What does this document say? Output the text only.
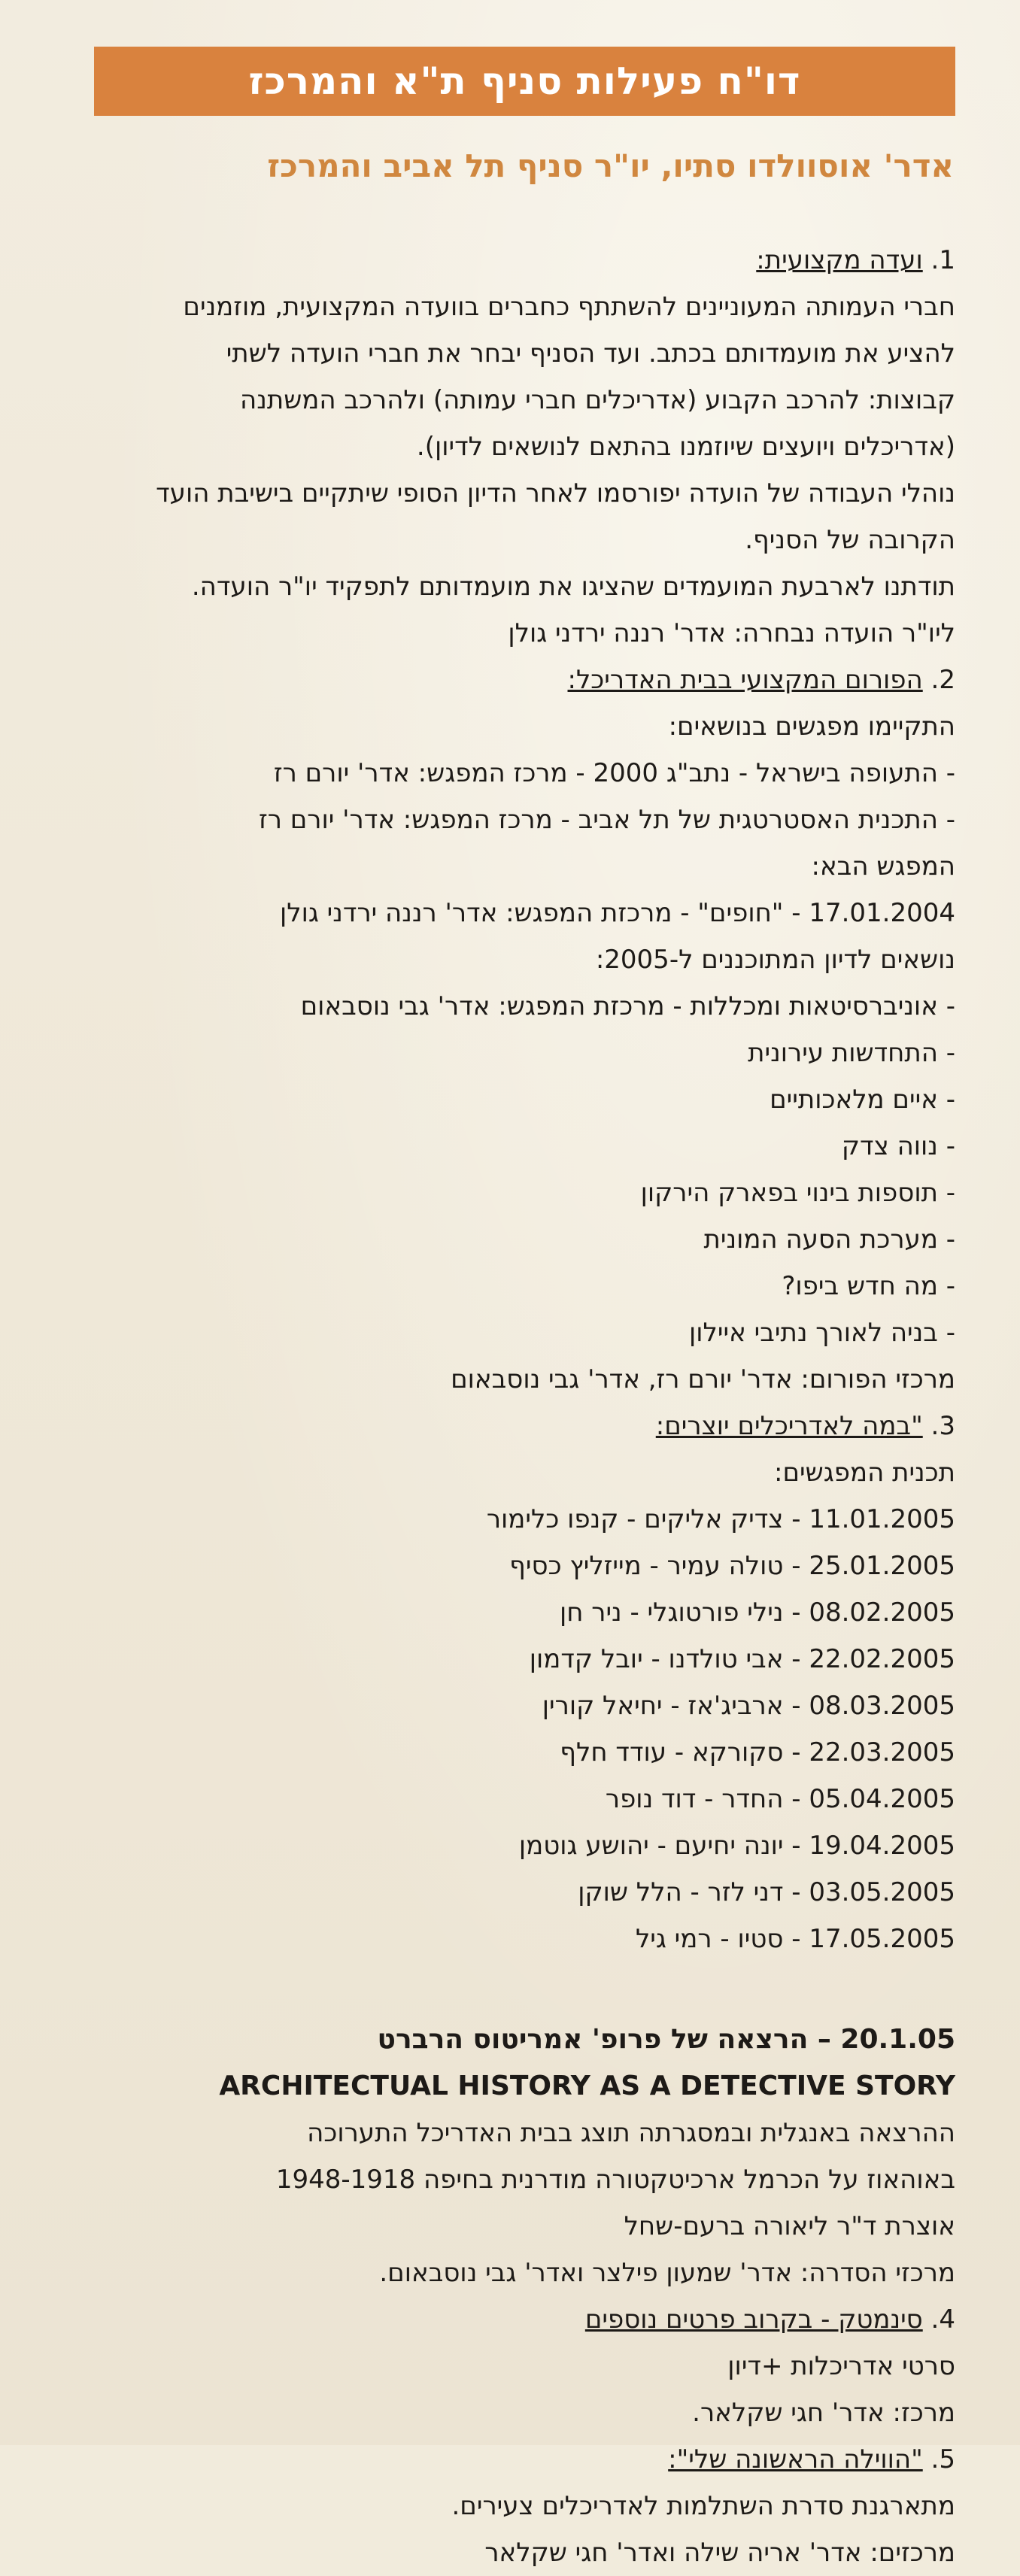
דו"ח פעילות סניף ת"א והמרכז
אדר' אוסוולדו סתיו, יו"ר סניף תל אביב והמרכז
1. ועדה מקצועית:
חברי העמותה המעוניינים להשתתף כחברים בוועדה המקצועית, מוזמנים
להציע את מועמדותם בכתב. ועד הסניף יבחר את חברי הועדה לשתי
קבוצות: להרכב הקבוע (אדריכלים חברי עמותה) ולהרכב המשתנה
(אדריכלים ויועצים שיוזמנו בהתאם לנושאים לדיון).
נוהלי העבודה של הועדה יפורסמו לאחר הדיון הסופי שיתקיים בישיבת הועד
הקרובה של הסניף.
תודתנו לארבעת המועמדים שהציגו את מועמדותם לתפקיד יו"ר הועדה.
ליו"ר הועדה נבחרה: אדר' רננה ירדני גולן
2. הפורום המקצועי בבית האדריכל:
התקיימו מפגשים בנושאים:
- התעופה בישראל - נתב"ג 2000 - מרכז המפגש: אדר' יורם רז
- התכנית האסטרטגית של תל אביב - מרכז המפגש: אדר' יורם רז
המפגש הבא:
17.01.2004 - "חופים" - מרכזת המפגש: אדר' רננה ירדני גולן
נושאים לדיון המתוכננים ל-2005:
- אוניברסיטאות ומכללות - מרכזת המפגש: אדר' גבי נוסבאום
- התחדשות עירונית
- איים מלאכותיים
- נווה צדק
- תוספות בינוי בפארק הירקון
- מערכת הסעה המונית
- מה חדש ביפו?
- בניה לאורך נתיבי איילון
מרכזי הפורום: אדר' יורם רז, אדר' גבי נוסבאום
3. "במה לאדריכלים יוצרים:
תכנית המפגשים:
11.01.2005 - צדיק אליקים - קנפו כלימור
25.01.2005 - טולה עמיר - מייזליץ כסיף
08.02.2005 - נילי פורטוגלי - ניר חן
22.02.2005 - אבי טולדנו - יובל קדמון
08.03.2005 - ארביג'אז - יחיאל קורין
22.03.2005 - סקורקא - עודד חלף
05.04.2005 - החדר - דוד נופר
19.04.2005 - יונה יחיעם - יהושע גוטמן
03.05.2005 - דני לזר - הלל שוקן
17.05.2005 - סטיו - רמי גיל
20.1.05 – הרצאה של פרופ' אמריטוס הרברט
ARCHITECTUAL HISTORY AS A DETECTIVE STORY
ההרצאה באנגלית ובמסגרתה תוצג בבית האדריכל התערוכה
באוהאוז על הכרמל ארכיטקטורה מודרנית בחיפה 1948-1918
אוצרת ד"ר ליאורה ברעם-שחל
מרכזי הסדרה: אדר' שמעון פילצר ואדר' גבי נוסבאום.
4. סינמטק - בקרוב פרטים נוספים
סרטי אדריכלות +דיון
מרכז: אדר' חגי שקלאר.
5. "הווילה הראשונה שלי":
מתארגנת סדרת השתלמות לאדריכלים צעירים.
מרכזים: אדר' אריה שילה ואדר' חגי שקלאר
